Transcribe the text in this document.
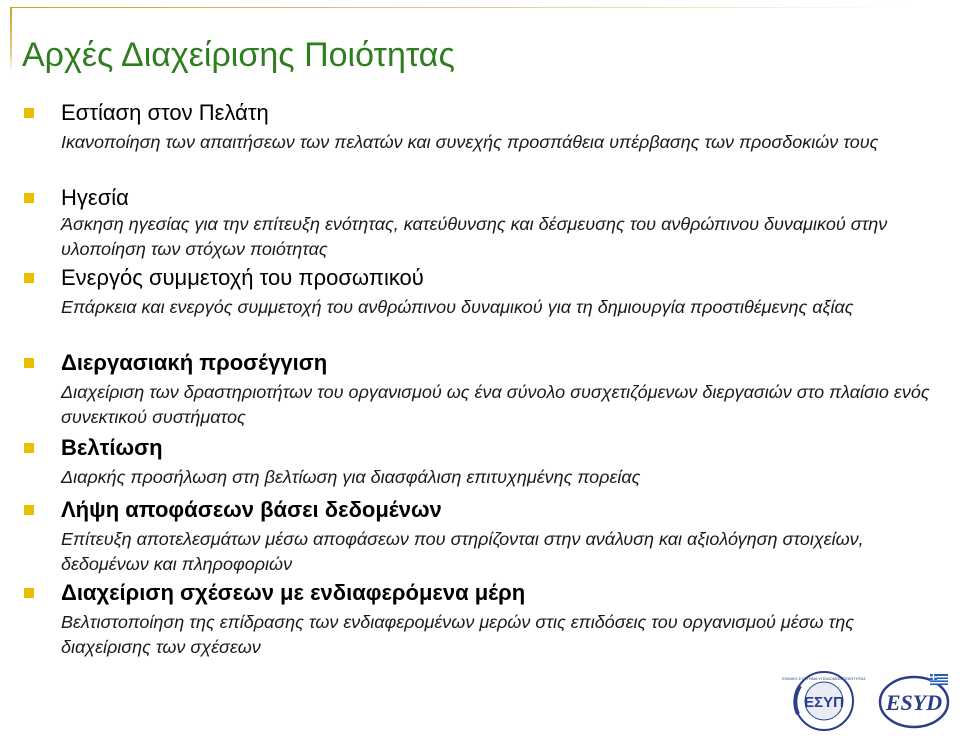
Αρχές Διαχείρισης Ποιότητας
Εστίαση στον Πελάτη
Ικανοποίηση των απαιτήσεων των πελατών και συνεχής προσπάθεια υπέρβασης των προσδοκιών τους
Ηγεσία
Άσκηση ηγεσίας για την επίτευξη ενότητας, κατεύθυνσης και δέσμευσης του ανθρώπινου δυναμικού στην υλοποίηση των στόχων ποιότητας
Ενεργός συμμετοχή του προσωπικού
Επάρκεια και ενεργός συμμετοχή του ανθρώπινου δυναμικού για τη δημιουργία προστιθέμενης αξίας
Διεργασιακή προσέγγιση
Διαχείριση των δραστηριοτήτων του οργανισμού ως ένα σύνολο συσχετιζόμενων διεργασιών στο πλαίσιο ενός συνεκτικού συστήματος
Βελτίωση
Διαρκής προσήλωση στη βελτίωση για διασφάλιση επιτυχημένης πορείας
Λήψη αποφάσεων βάσει δεδομένων
Επίτευξη αποτελεσμάτων μέσω αποφάσεων που στηρίζονται στην ανάλυση και αξιολόγηση στοιχείων, δεδομένων και πληροφοριών
Διαχείριση σχέσεων με ενδιαφερόμενα μέρη
Βελτιστοποίηση της επίδρασης των ενδιαφερομένων μερών στις επιδόσεις του οργανισμού μέσω της διαχείρισης των σχέσεων
ΕΣΥΠ
ΕΘΝΙΚΟ ΣΥΣΤΗΜΑ ΥΠΟΔΟΜΩΝ ΠΟΙΟΤΗΤΑΣ
ESYD
